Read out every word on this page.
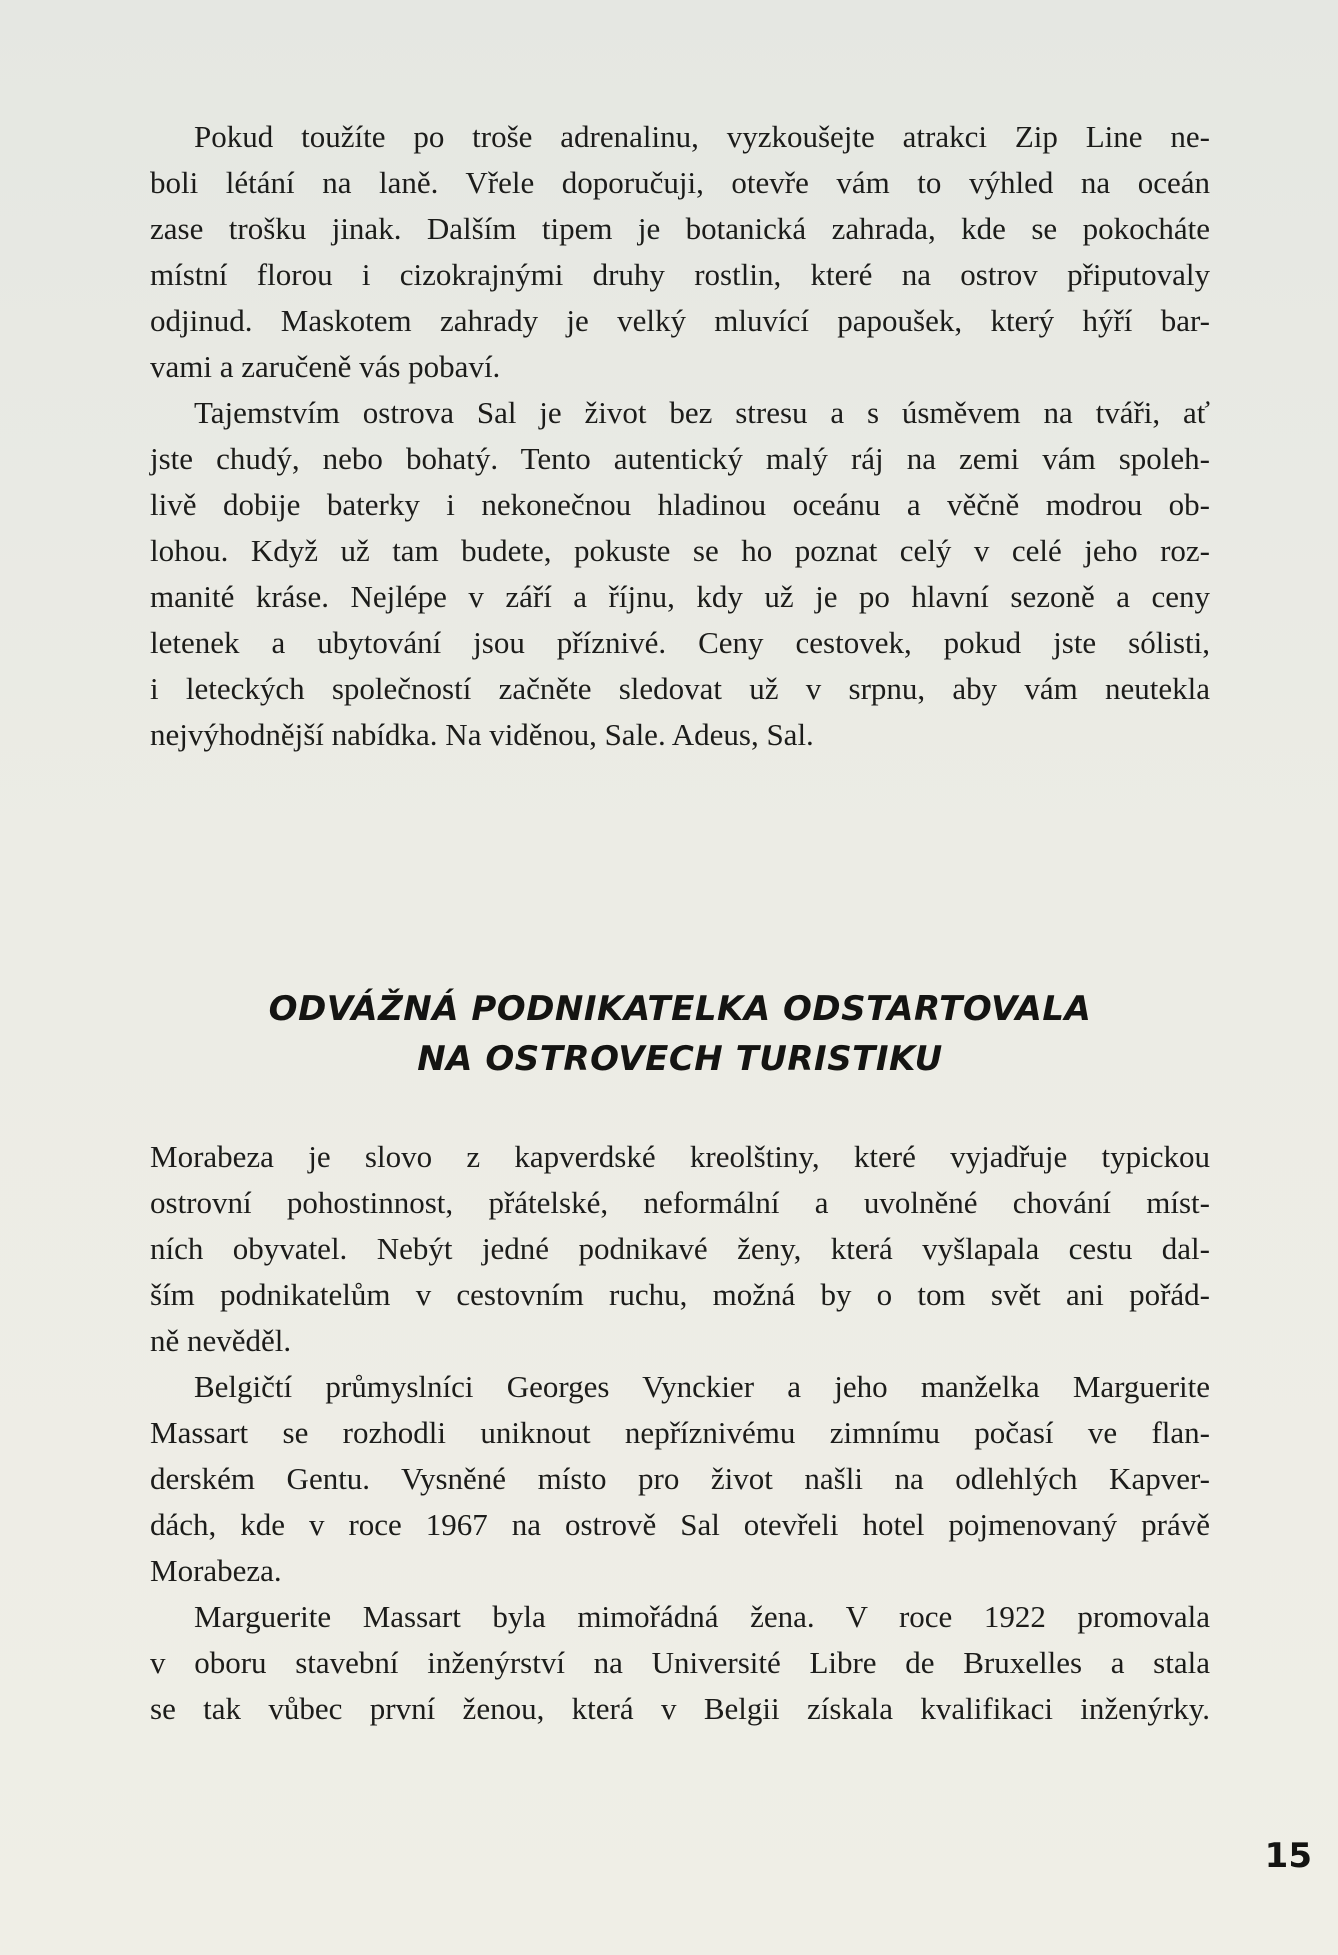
Pokud toužíte po troše adrenalinu, vyzkoušejte atrakci Zip Line ne-
boli létání na laně. Vřele doporučuji, otevře vám to výhled na oceán
zase trošku jinak. Dalším tipem je botanická zahrada, kde se pokocháte
místní florou i cizokrajnými druhy rostlin, které na ostrov připutovaly
odjinud. Maskotem zahrady je velký mluvící papoušek, který hýří bar-
vami a zaručeně vás pobaví.
Tajemstvím ostrova Sal je život bez stresu a s úsměvem na tváři, ať
jste chudý, nebo bohatý. Tento autentický malý ráj na zemi vám spoleh-
livě dobije baterky i nekonečnou hladinou oceánu a věčně modrou ob-
lohou. Když už tam budete, pokuste se ho poznat celý v celé jeho roz-
manité kráse. Nejlépe v září a říjnu, kdy už je po hlavní sezoně a ceny
letenek a ubytování jsou příznivé. Ceny cestovek, pokud jste sólisti,
i leteckých společností začněte sledovat už v srpnu, aby vám neutekla
nejvýhodnější nabídka. Na viděnou, Sale. Adeus, Sal.
ODVÁŽNÁ PODNIKATELKA ODSTARTOVALA
NA OSTROVECH TURISTIKU
Morabeza je slovo z kapverdské kreolštiny, které vyjadřuje typickou
ostrovní pohostinnost, přátelské, neformální a uvolněné chování míst-
ních obyvatel. Nebýt jedné podnikavé ženy, která vyšlapala cestu dal-
ším podnikatelům v cestovním ruchu, možná by o tom svět ani pořád-
ně nevěděl.
Belgičtí průmyslníci Georges Vynckier a jeho manželka Marguerite
Massart se rozhodli uniknout nepříznivému zimnímu počasí ve flan-
derském Gentu. Vysněné místo pro život našli na odlehlých Kapver-
dách, kde v roce 1967 na ostrově Sal otevřeli hotel pojmenovaný právě
Morabeza.
Marguerite Massart byla mimořádná žena. V roce 1922 promovala
v oboru stavební inženýrství na Université Libre de Bruxelles a stala
se tak vůbec první ženou, která v Belgii získala kvalifikaci inženýrky.
15
